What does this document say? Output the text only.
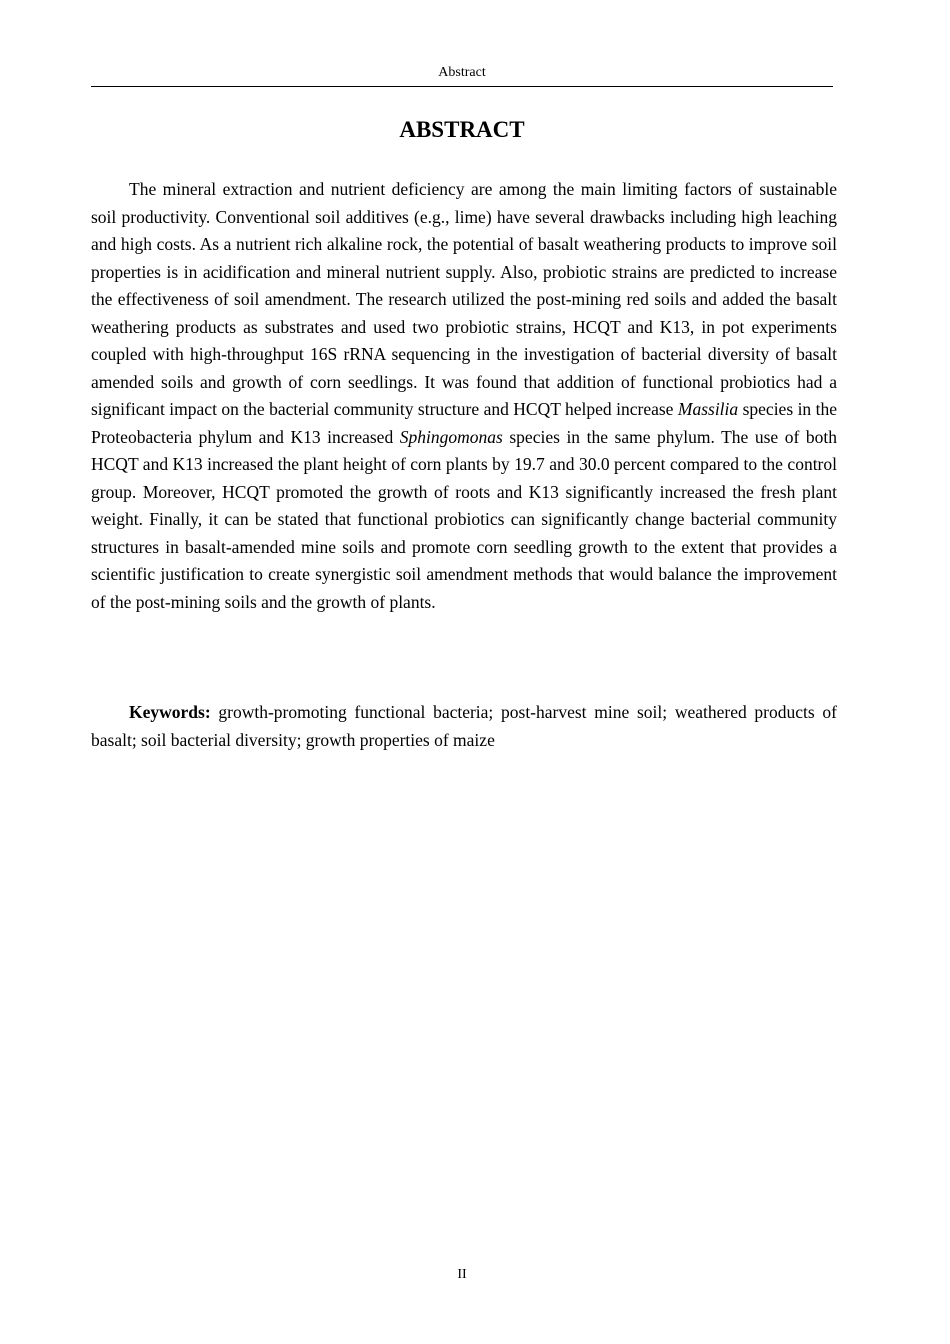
Abstract
ABSTRACT

The mineral extraction and nutrient deficiency are among the main limiting factors of sustainable soil productivity. Conventional soil additives (e.g., lime) have several drawbacks including high leaching and high costs. As a nutrient rich alkaline rock, the potential of basalt weathering products to improve soil properties is in acidification and mineral nutrient supply. Also, probiotic strains are predicted to increase the effectiveness of soil amendment. The research utilized the post-mining red soils and added the basalt weathering products as substrates and used two probiotic strains, HCQT and K13, in pot experiments coupled with high-throughput 16S rRNA sequencing in the investigation of bacterial diversity of basalt amended soils and growth of corn seedlings. It was found that addition of functional probiotics had a significant impact on the bacterial community structure and HCQT helped increase Massilia species in the Proteobacteria phylum and K13 increased Sphingomonas species in the same phylum. The use of both HCQT and K13 increased the plant height of corn plants by 19.7 and 30.0 percent compared to the control group. Moreover, HCQT promoted the growth of roots and K13 significantly increased the fresh plant weight. Finally, it can be stated that functional probiotics can significantly change bacterial community structures in basalt-amended mine soils and promote corn seedling growth to the extent that provides a scientific justification to create synergistic soil amendment methods that would balance the improvement of the post-mining soils and the growth of plants.

Keywords: growth-promoting functional bacteria; post-harvest mine soil; weathered products of basalt; soil bacterial diversity; growth properties of maize

II
